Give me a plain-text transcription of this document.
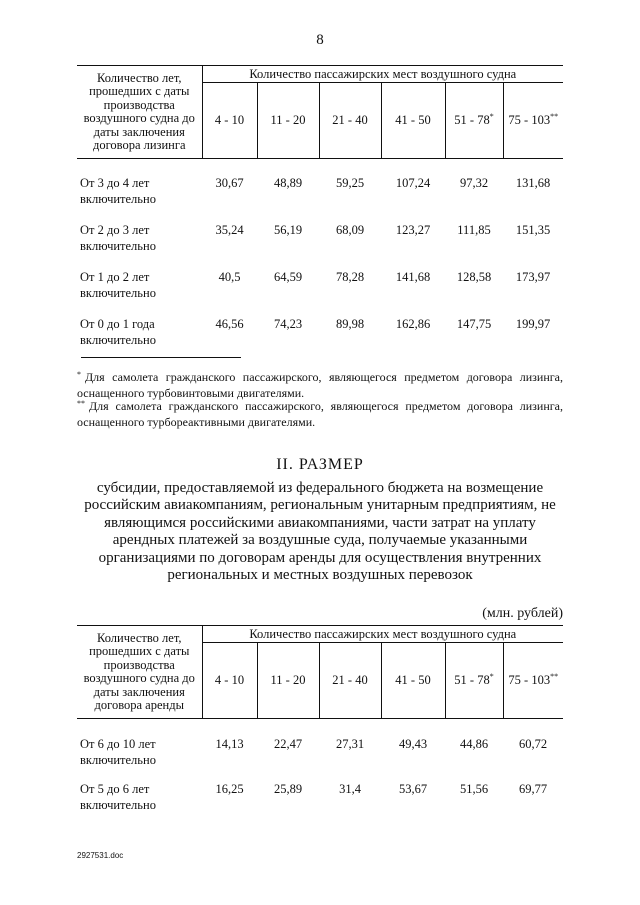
8
Количество лет, прошедших с даты производства воздушного судна до даты заключения договора лизинга	Количество пассажирских мест воздушного судна					
	4 - 10	11 - 20	21 - 40	41 - 50	51 - 78*	75 - 103**

От 3 до 4 лет включительно	30,67	48,89	59,25	107,24	97,32	131,68
От 2 до 3 лет включительно	35,24	56,19	68,09	123,27	111,85	151,35
От 1 до 2 лет включительно	40,5	64,59	78,28	141,68	128,58	173,97
От 0 до 1 года включительно	46,56	74,23	89,98	162,86	147,75	199,97
* Для самолета гражданского пассажирского, являющегося предметом договора лизинга, оснащенного турбовинтовыми двигателями.
** Для самолета гражданского пассажирского, являющегося предметом договора лизинга, оснащенного турбореактивными двигателями.
II. РАЗМЕР
субсидии, предоставляемой из федерального бюджета на возмещение российским авиакомпаниям, региональным унитарным предприятиям, не являющимся российскими авиакомпаниями, части затрат на уплату арендных платежей за воздушные суда, получаемые указанными организациями по договорам аренды для осуществления внутренних региональных и местных воздушных перевозок
(млн. рублей)
Количество лет, прошедших с даты производства воздушного судна до даты заключения договора аренды	Количество пассажирских мест воздушного судна					
	4 - 10	11 - 20	21 - 40	41 - 50	51 - 78*	75 - 103**

От 6 до 10 лет включительно	14,13	22,47	27,31	49,43	44,86	60,72
От 5 до 6 лет включительно	16,25	25,89	31,4	53,67	51,56	69,77
2927531.doc
